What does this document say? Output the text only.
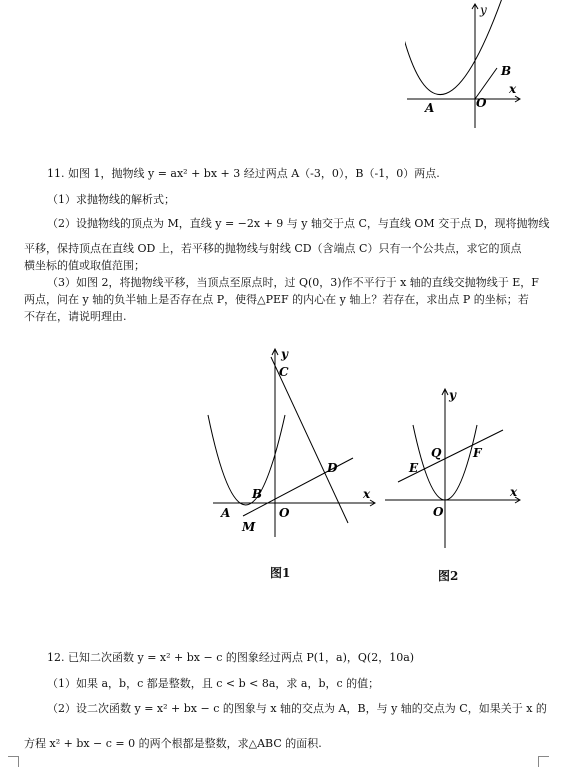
y
B
x
A	O
11. 如图 1，抛物线 y = ax² + bx + 3 经过两点 A（-3，0），B（-1，0）两点.
（1）求抛物线的解析式；
（2）设抛物线的顶点为 M，直线 y = −2x + 9 与 y 轴交于点 C，与直线 OM 交于点 D，现将抛物线
平移，保持顶点在直线 OD 上，若平移的抛物线与射线 CD（含端点 C）只有一个公共点，求它的顶点
横坐标的值或取值范围；
（3）如图 2，将抛物线平移，当顶点至原点时，过 Q(0，3)作不平行于 x 轴的直线交抛物线于 E，F
两点，问在 y 轴的负半轴上是否存在点 P，使得△PEF 的内心在 y 轴上？若存在，求出点 P 的坐标；若
不存在，请说明理由.
y
C
D
B	x
A	O
M
图1
y
Q	F
E
x
O
图2
12. 已知二次函数 y = x² + bx − c 的图象经过两点 P(1，a)，Q(2，10a)
（1）如果 a，b，c 都是整数，且 c < b < 8a，求 a，b，c 的值；
（2）设二次函数 y = x² + bx − c 的图象与 x 轴的交点为 A，B，与 y 轴的交点为 C，如果关于 x 的
方程 x² + bx − c = 0 的两个根都是整数，求△ABC 的面积.
